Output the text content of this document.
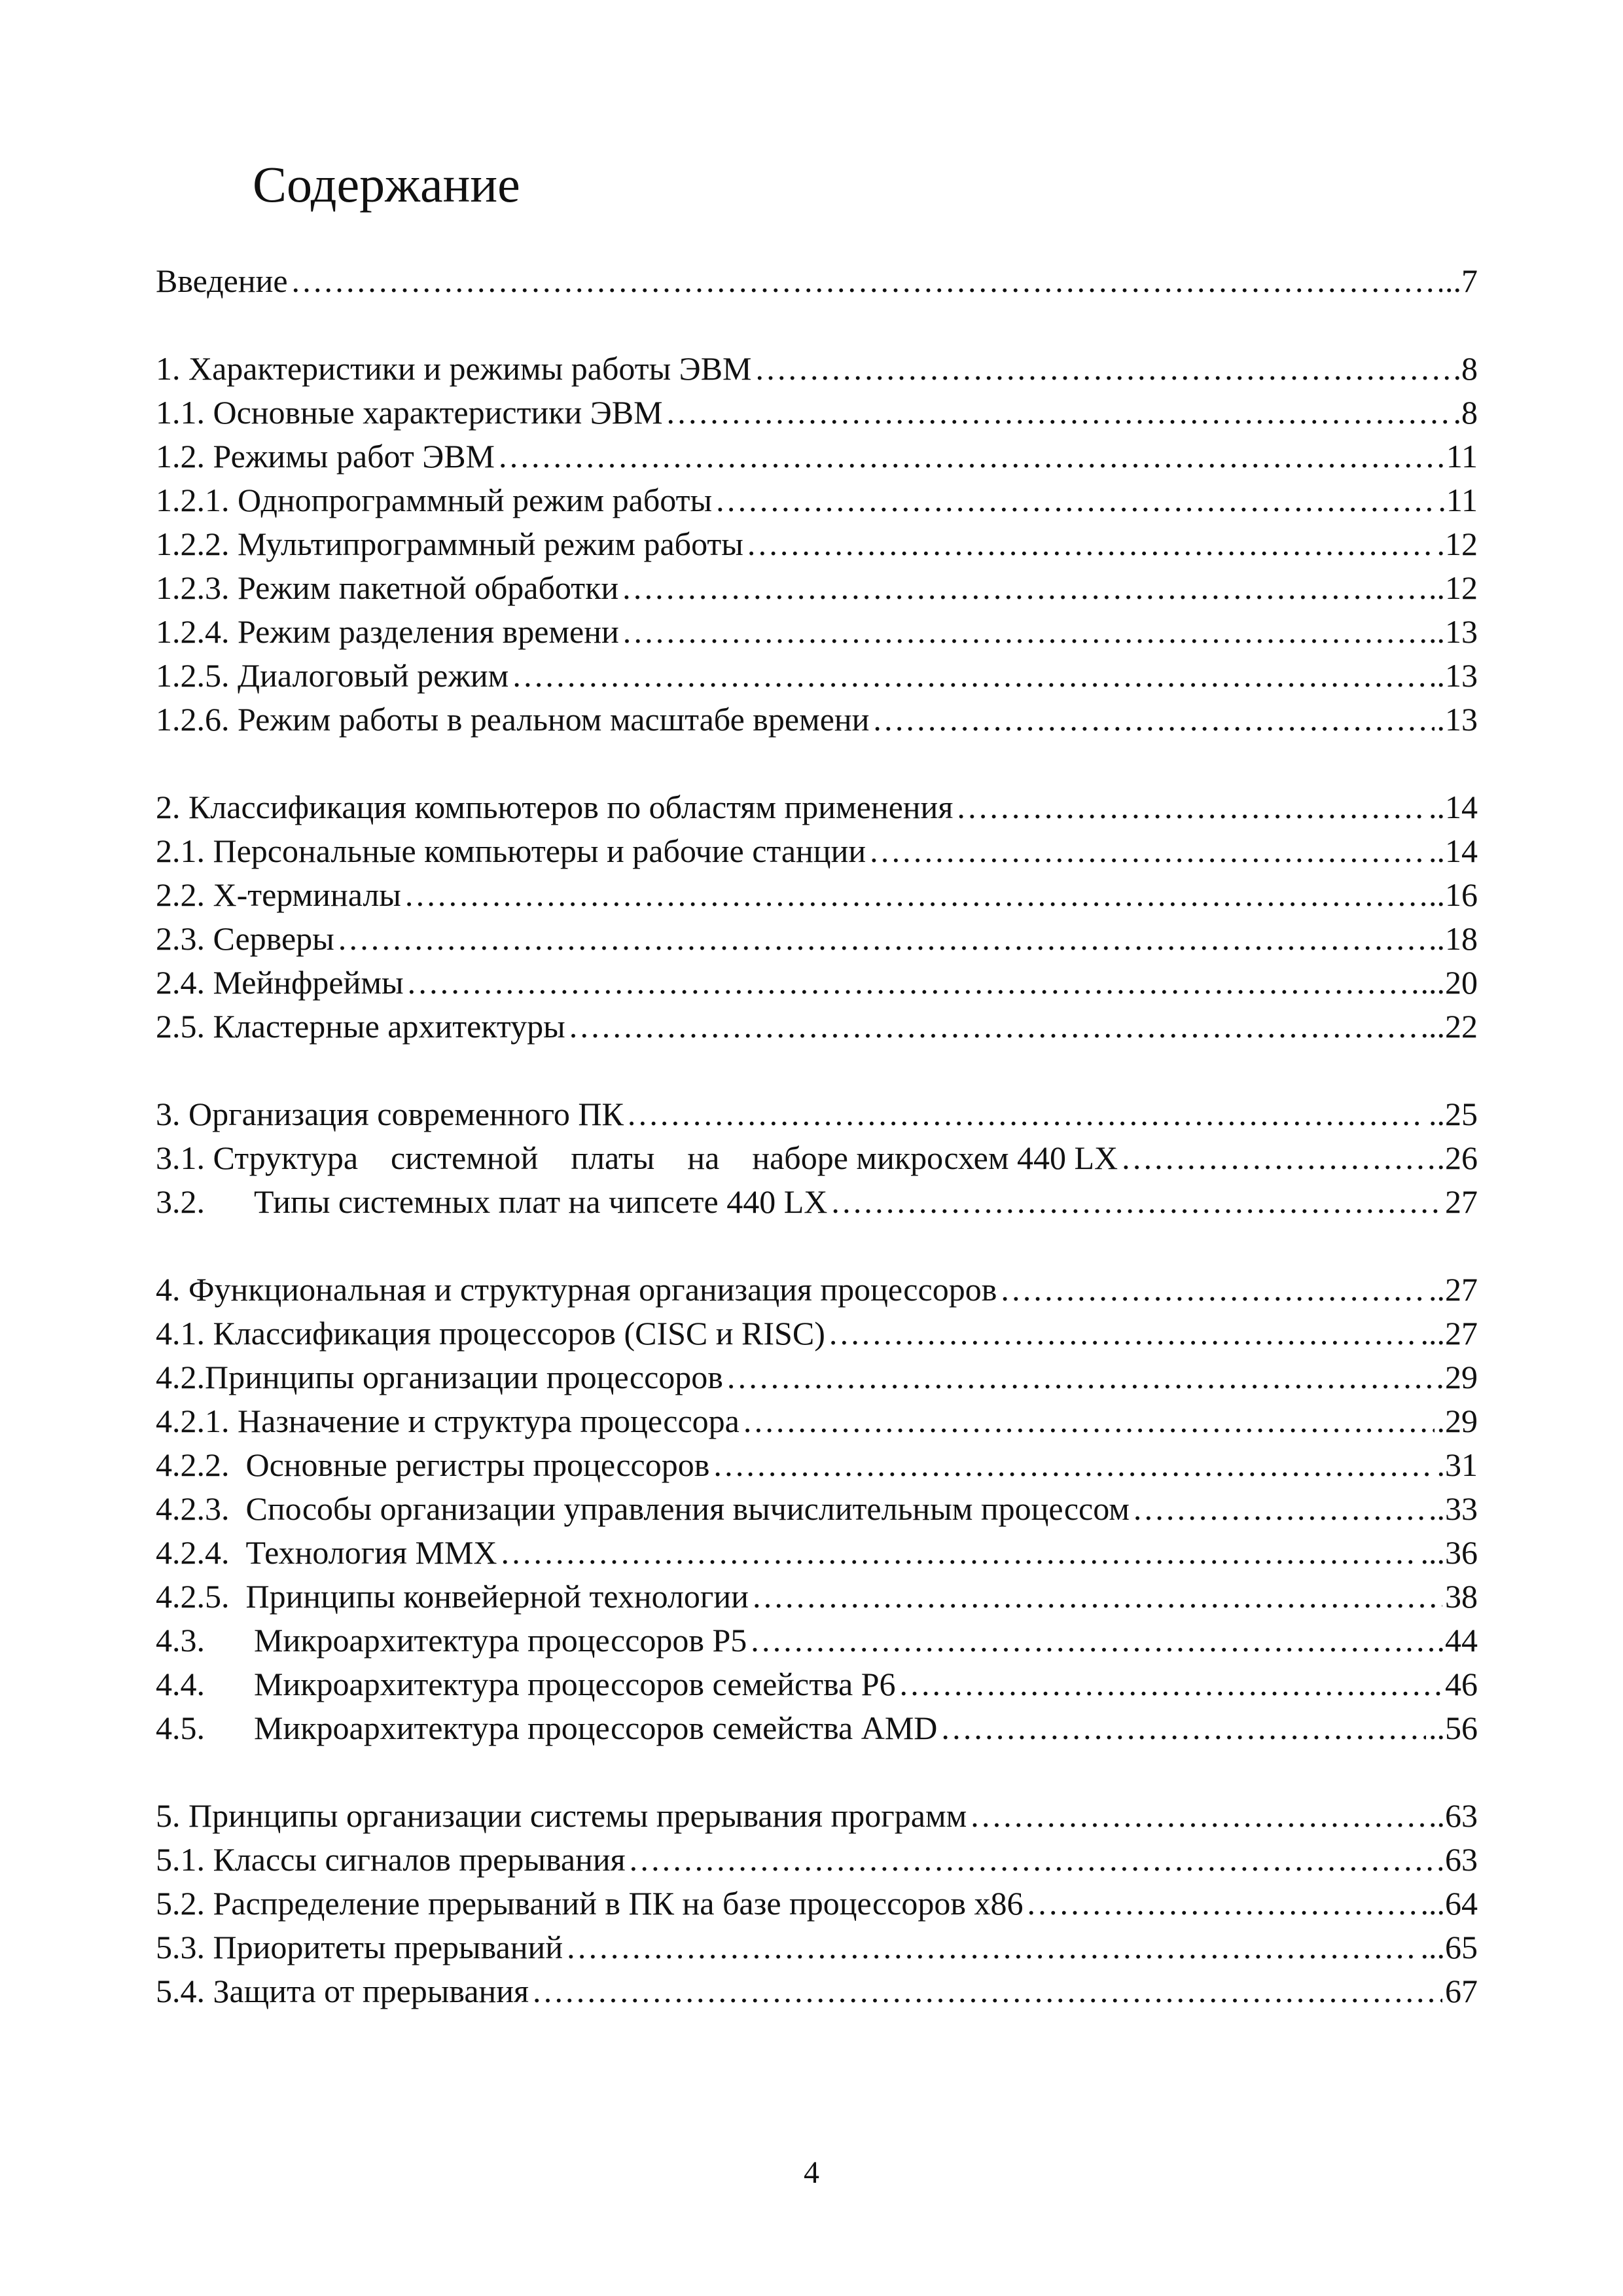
Содержание
Введение ……………………………………………………………………………………………………………………………………………………………………………………………………………………	..7
1. Характеристики и режимы работы ЭВМ ……………………………………………………………………………………………………………………………………………………………………………………………………………………	.8
1.1. Основные характеристики ЭВМ ……………………………………………………………………………………………………………………………………………………………………………………………………………………	.8
1.2. Режимы работ ЭВМ ……………………………………………………………………………………………………………………………………………………………………………………………………………………	11
1.2.1. Однопрограммный режим работы ……………………………………………………………………………………………………………………………………………………………………………………………………………………	.11
1.2.2. Мультипрограммный режим работы ……………………………………………………………………………………………………………………………………………………………………………………………………………………	.12
1.2.3. Режим пакетной обработки ……………………………………………………………………………………………………………………………………………………………………………………………………………………	..12
1.2.4. Режим разделения времени ……………………………………………………………………………………………………………………………………………………………………………………………………………………	..13
1.2.5. Диалоговый режим ……………………………………………………………………………………………………………………………………………………………………………………………………………………	.13
1.2.6. Режим работы в реальном масштабе времени ……………………………………………………………………………………………………………………………………………………………………………………………………………………	.13
2. Классификация компьютеров по областям применения ……………………………………………………………………………………………………………………………………………………………………………………………………………………	..14
2.1. Персональные компьютеры и рабочие станции ……………………………………………………………………………………………………………………………………………………………………………………………………………………	..14
2.2. Х-терминалы ……………………………………………………………………………………………………………………………………………………………………………………………………………………	..16
2.3. Серверы ……………………………………………………………………………………………………………………………………………………………………………………………………………………	..18
2.4. Мейнфреймы ……………………………………………………………………………………………………………………………………………………………………………………………………………………	...20
2.5. Кластерные архитектуры ……………………………………………………………………………………………………………………………………………………………………………………………………………………	...22
3. Организация современного ПК ……………………………………………………………………………………………………………………………………………………………………………………………………………………	..25
3.1. Структура    системной    платы    на    наборе микросхем 440 LX ……………………………………………………………………………………………………………………………………………………………………………………………………………………	….26
3.2.      Типы системных плат на чипсете 440 LX ……………………………………………………………………………………………………………………………………………………………………………………………………………………	27
4. Функциональная и структурная организация процессоров ……………………………………………………………………………………………………………………………………………………………………………………………………………………	..27
4.1. Классификация процессоров (CISC и RISC) ……………………………………………………………………………………………………………………………………………………………………………………………………………………	...27
4.2.Принципы организации процессоров ……………………………………………………………………………………………………………………………………………………………………………………………………………………	29
4.2.1. Назначение и структура процессора ……………………………………………………………………………………………………………………………………………………………………………………………………………………	.29
4.2.2.  Основные регистры процессоров ……………………………………………………………………………………………………………………………………………………………………………………………………………………	.31
4.2.3.  Способы организации управления вычислительным процессом ……………………………………………………………………………………………………………………………………………………………………………………………………………………	..33
4.2.4.  Технология ММХ ……………………………………………………………………………………………………………………………………………………………………………………………………………………	...36
4.2.5.  Принципы конвейерной технологии ……………………………………………………………………………………………………………………………………………………………………………………………………………………	38
4.3.      Микроархитектура процессоров Р5 ……………………………………………………………………………………………………………………………………………………………………………………………………………………	.44
4.4.      Микроархитектура процессоров семейства Р6 ……………………………………………………………………………………………………………………………………………………………………………………………………………………	46
4.5.      Микроархитектура процессоров семейства AMD ……………………………………………………………………………………………………………………………………………………………………………………………………………………	..56
5. Принципы организации системы прерывания программ ……………………………………………………………………………………………………………………………………………………………………………………………………………………	..63
5.1. Классы сигналов прерывания ……………………………………………………………………………………………………………………………………………………………………………………………………………………	63
5.2. Распределение прерываний в ПК на базе процессоров x86 ……………………………………………………………………………………………………………………………………………………………………………………………………………………	...64
5.3. Приоритеты прерываний ……………………………………………………………………………………………………………………………………………………………………………………………………………………	...65
5.4. Защита от прерывания ……………………………………………………………………………………………………………………………………………………………………………………………………………………	67
4
